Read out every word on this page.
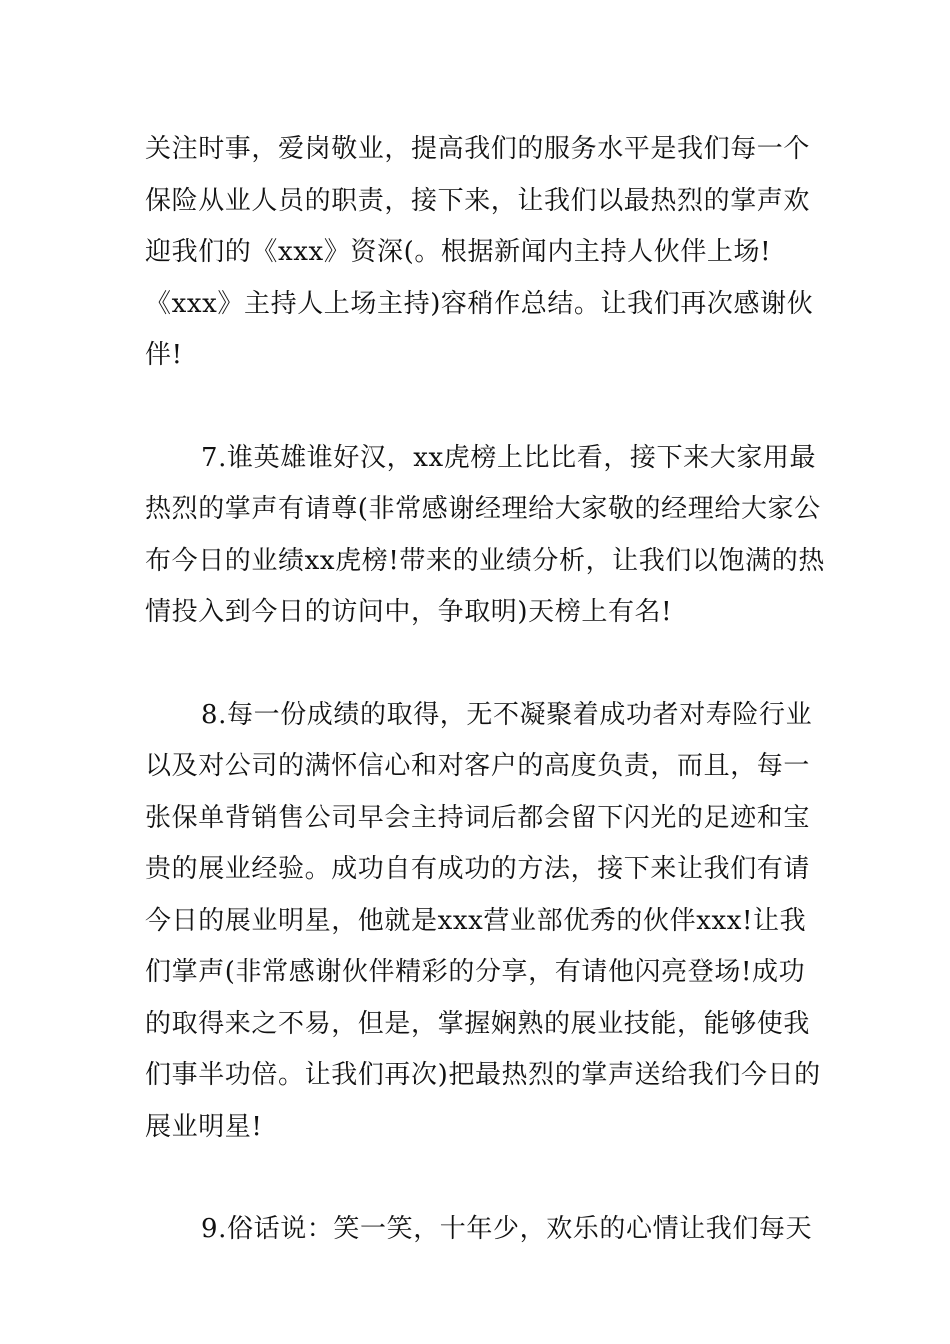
关注时事，爱岗敬业，提高我们的服务水平是我们每一个
保险从业人员的职责，接下来，让我们以最热烈的掌声欢
迎我们的《xxx》资深(。根据新闻内主持人伙伴上场!
《xxx》主持人上场主持)容稍作总结。让我们再次感谢伙
伴!

7.谁英雄谁好汉，xx虎榜上比比看，接下来大家用最
热烈的掌声有请尊(非常感谢经理给大家敬的经理给大家公
布今日的业绩xx虎榜!带来的业绩分析，让我们以饱满的热
情投入到今日的访问中，争取明)天榜上有名!

8.每一份成绩的取得，无不凝聚着成功者对寿险行业
以及对公司的满怀信心和对客户的高度负责，而且，每一
张保单背销售公司早会主持词后都会留下闪光的足迹和宝
贵的展业经验。成功自有成功的方法，接下来让我们有请
今日的展业明星，他就是xxx营业部优秀的伙伴xxx!让我
们掌声(非常感谢伙伴精彩的分享，有请他闪亮登场!成功
的取得来之不易，但是，掌握娴熟的展业技能，能够使我
们事半功倍。让我们再次)把最热烈的掌声送给我们今日的
展业明星!

9.俗话说：笑一笑，十年少，欢乐的心情让我们每天
